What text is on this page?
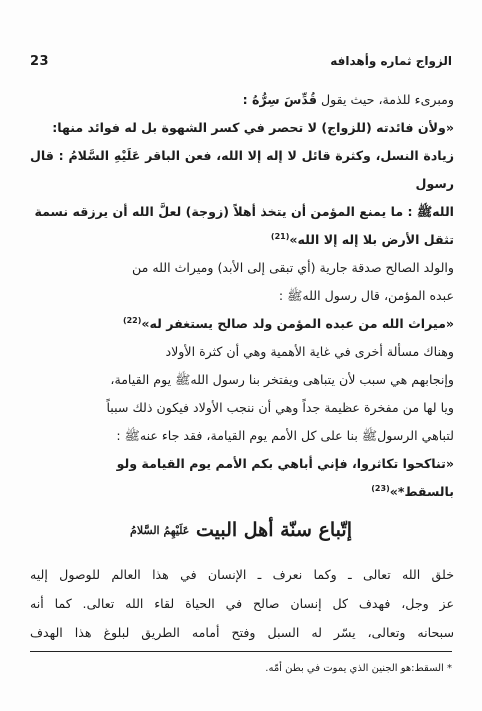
23	الزواج ثماره وأهدافه

ومبرىء للذمة، حيث يقول قُدِّسَ سِرُّهُ :

«ولأن فائدته (للزواج) لا تحصر في كسر الشهوة بل له فوائد منها:

زيادة النسل، وكثرة قائل لا إله إلا الله، فعن الباقر عَلَيْهِ السَّلامُ : قال رسول

اللهﷺ : ما يمنع المؤمن أن يتخذ أهلاً (زوجة) لعلَّ الله أن يرزقه نسمة

تثقل الأرض بلا إله إلا الله»$^{(21)}$

والولد الصالح صدقة جارية (أي تبقى إلى الأبد) وميراث الله من

عبده المؤمن، قال رسول اللهﷺ :

«ميراث الله من عبده المؤمن ولد صالح يستغفر له»$^{(22)}$

وهناك مسألة أخرى في غاية الأهمية وهي أن كثرة الأولاد

وإنجابهم هي سبب لأن يتباهى ويفتخر بنا رسول اللهﷺ يوم القيامة،

ويا لها من مفخرة عظيمة جداً وهي أن ننجب الأولاد فيكون ذلك سبباً

لتباهي الرسولﷺ بنا على كل الأمم يوم القيامة، فقد جاء عنهﷺ :

«تناكحوا تكاثروا، فإني أباهي بكم الأمم يوم القيامة ولو

بالسقط*»$^{(23)}$

إتّباع سنّة أهل البيت عَلَيْهِمُ السَّلامُ

خلق الله تعالى ـ وكما نعرف ـ الإنسان في هذا العالم للوصول إليه

عز وجل، فهدف كل إنسان صالح في الحياة لقاء الله تعالى. كما أنه

سبحانه وتعالى، يسّر له السبل وفتح أمامه الطريق لبلوغ هذا الهدف

* السقط:هو الجنين الذي يموت في بطن أمّه.
